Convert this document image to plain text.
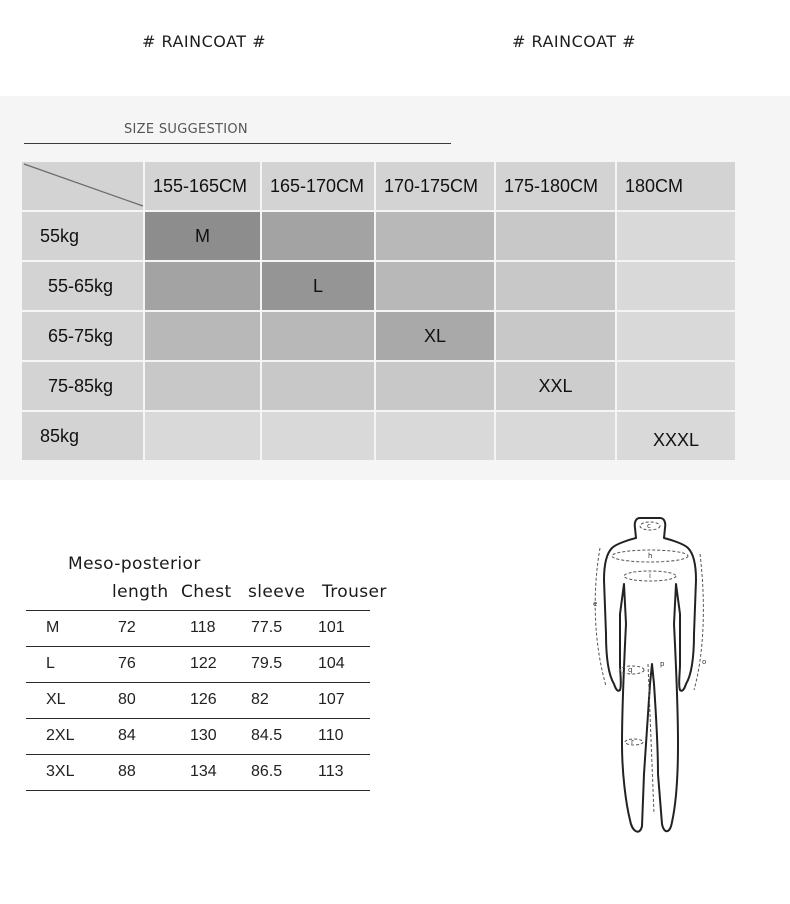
# RAINCOAT #	# RAINCOAT #
SIZE SUGGESTION
	155-165CM	165-170CM	170-175CM	175-180CM	180CM
55kg	M				
55-65kg		L			
65-75kg			XL		
75-85kg				XXL	
85kg					XXXL
Meso-posterior
length Chest sleeve Trouser
M	72	118 77.5 101
L	76	122 79.5 104
XL	80	126 82	107
2XL	84	130 84.5 110
3XL	88	134 86.5 113
c
h
i
e
o
q
p
r
